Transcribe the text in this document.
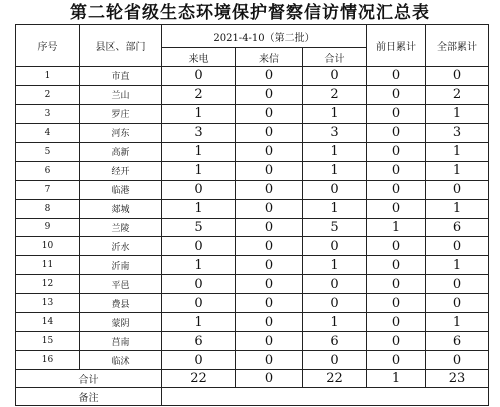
第二轮省级生态环境保护督察信访情况汇总表
序号	县区、部门	2021-4-10（第二批）			前日累计	全部累计
		来电	来信	合计		
1	市直	0	0	0	0	0
2	兰山	2	0	2	0	2
3	罗庄	1	0	1	0	1
4	河东	3	0	3	0	3
5	高新	1	0	1	0	1
6	经开	1	0	1	0	1
7	临港	0	0	0	0	0
8	郯城	1	0	1	0	1
9	兰陵	5	0	5	1	6
10	沂水	0	0	0	0	0
11	沂南	1	0	1	0	1
12	平邑	0	0	0	0	0
13	费县	0	0	0	0	0
14	蒙阴	1	0	1	0	1
15	莒南	6	0	6	0	6
16	临沭	0	0	0	0	0
合计		22	0	22	1	23
备注						
